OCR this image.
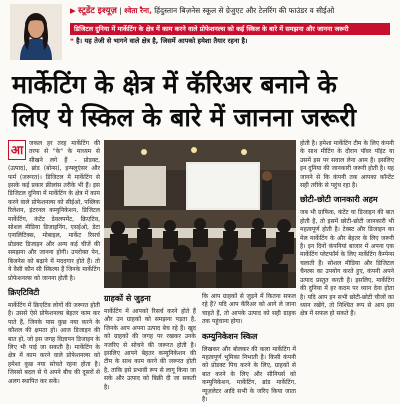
▶ स्टूडेंट इश्यूज़ | श्वेता रैना, हिंदुस्तान बिज़नेस स्कूल से ग्रेजुएट और टेलरिंग की फाउंडर व सीईओ
डिजिटल दुनिया में मार्केटिंग के क्षेत्र में काम करने वाले प्रोफेशनल्स को कई स्किल के बारे में समझना और जानना जरूरी
❝ है। यह तेजी से भागने वाले क्षेत्र है, जिसमें आपको हमेशा तैयार रहना है।
मार्केटिंग के क्षेत्र में कॅरिअर बनाने के
लिए ये स्किल के बारे में जानना जरूरी
आ जकल हर तरह मार्केटिंग की तरफ से "के" के माध्यम से सीखने लगे हैं - प्रोडक्ट, (उत्पाद), ब्रांड (बोन्स), इन्फ्लुएंसर और फर्म (जरूरत)। डिजिटल में मार्केटिंग से इसके कई प्रकार फ्रीलांस तरीके भी हैं। इस डिजिटल दुनिया में मार्केटिंग के क्षेत्र में काम करने वाले प्रोफेशनल्स को सीईओ, पब्लिक रिलेशन, इंटरनल कम्युनिकेशन, डिजिटल मार्केटिंग, कंटेंट डेवलपमेंट, क्रिएटिव, सोशल मीडिया डिजाइनिंग, एसईओ, डेटा एनालिटिक्स, मोबाइल, मार्केट रिसर्च प्रोडक्ट डिजाइन और अन्य कई चीजें की समझना और जानना होगी। उपरोक्त पेन, बिजनेस को बढ़ाने में मददगार होते हैं। तो ये वैसी कौन सी स्किल्स हैं जिनके मार्केटिंग प्रोफेशनल्स को जानना होती है।
क्रिएटिविटी
मार्केटिंग में क्रिएटिव लोगों की जरूरत होती है। उससे ऐसे प्रोफेशनल्स बेहतर काम कर पाते हैं, जिनके पास कुछ नया करने के कौशल की क्षमता हो। आज डिजाइन की बात हो, जो इस जगह विज्ञापन डिजाइन के लिए भी पाई जा सकती है। मार्केटिंग के क्षेत्र में काम करने वाले प्रोफेशनल्स को हमेशा कुछ नया सोचते रहना होता है। जिससे बदल से ये अपने बीच की दूसरों से अलग स्थापित कर सकें।
ग्राहकों से जुड़ना
मार्केटिंग में आपको रिसर्च करने होते हैं और उन ग्राहकों को समझना पड़ता है, जिनके आप अपना उत्पाद बेच रहे हैं। खुद को ग्राहकों की जगह पर रखकर उनके नजरिए से सोचने की जरूरत होती है। इसलिए आपने बेहतर कम्युनिकेशन की टीम के साथ काम करने की जरूरत होती है, ताकि इसे प्रभावी रूप से लागू किया जा सके और उत्पाद को बिक्री दी जा सकती है।
कि आप ग्राहकों से जुड़ने में कितना सफल रहे हैं? यदि आप कॅरिअर को आगे ले जाना चाहते हैं, तो आपके उत्पाद को सही ग्राहक तक पहुंचाना होगा।
कम्युनिकेशन स्किल
लिखकर और बोलकर की कला मार्केटिंग में महत्वपूर्ण भूमिका निभाती है। किसी कंपनी को प्रोडक्ट पिच करने के लिए, ग्राहकों से बात करने के लिए और सीनियर्स को कम्युनिकेशन, मार्केटिंग, ब्रांड मार्केटिंग, न्यूज़लेटर आदि सभी के जरिए किया जाता है।
होती है। हमेशा मार्केटिंग टीम के लिए कंपनी के साथ मीटिंग के दौरान पॉवर पॉइंट या उसमें इस पर सवाल लेना आम है। इसलिए इन दुनिया की जानकारी जरूरी होती है। यह जानने से कि कंपनी तक आपका कॉन्टेंट सही तरीके से पहुंच रहा है।
छोटी-छोटी जानकारी अहम
जब भी ग्राफिक, कंटेंट या डिजाइन की बात होती है, तो इसमें छोटी-छोटी जानकारी भी महत्वपूर्ण होती है। टेक्स्ट और डिजाइन का मेल मार्केटिंग के और बेहतर के लिए जरूरी है। इन दिनों कंपनियां बाजार में अपना एक मार्केटिंग प्लेटफॉर्म के लिए मार्केटिंग कैम्पेन्स चलाती हैं। सोशल मीडिया और डिजिटल चैनल्स का उपयोग करते हुए, कंपनी अपने उत्पाद प्रस्तुत करती है। इसलिए, मार्केटिंग की दुनिया में हर कदम पर ध्यान देना होता है। यदि आप इन सभी छोटी-छोटी चीजों का ध्यान रखेंगे, तो निश्चित रूप से आप इस क्षेत्र में सफल हो सकते हैं।
